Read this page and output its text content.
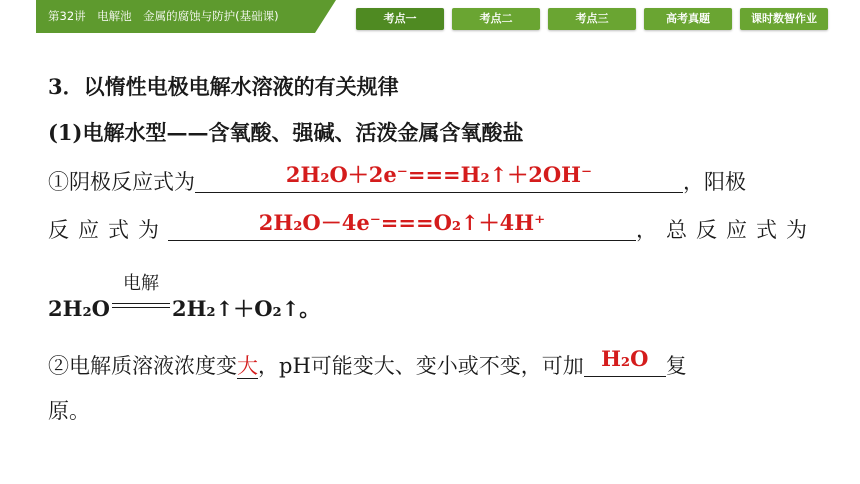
第32讲　电解池　金属的腐蚀与防护(基础课)	考点一	考点二	考点三	高考真题	课时数智作业
3．以惰性电极电解水溶液的有关规律
(1)电解水型——含氧酸、强碱、活泼金属含氧酸盐
①阴极反应式为	2H₂O＋2e⁻===H₂↑＋2OH⁻	，阳极
反应式为	2H₂O－4e⁻===O₂↑＋4H⁺	，总反应式为
2H₂O
电解
2H₂↑＋O₂↑。
②电解质溶液浓度变大，pH可能变大、变小或不变，可加 H₂O 复
原。
